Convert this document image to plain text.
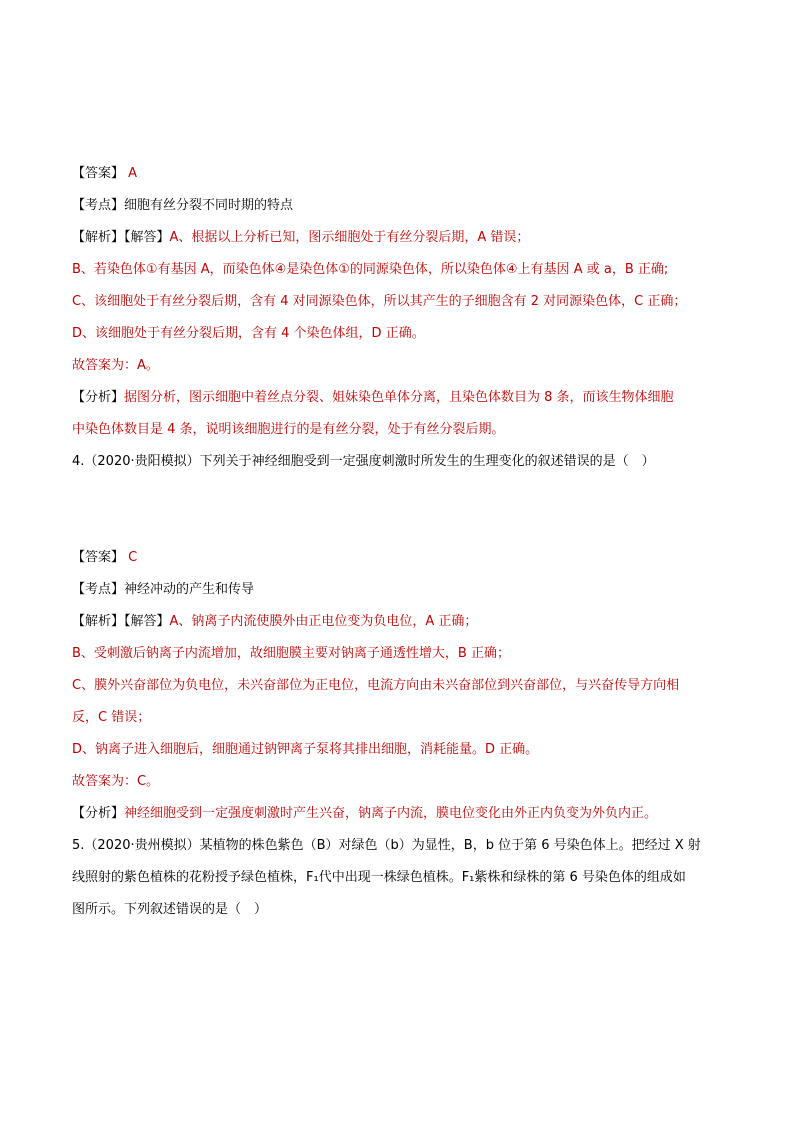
【答案】 A
【考点】细胞有丝分裂不同时期的特点
【解析】【解答】A、根据以上分析已知，图示细胞处于有丝分裂后期，A 错误；
B、若染色体①有基因 A，而染色体④是染色体①的同源染色体，所以染色体④上有基因 A 或 a，B 正确;
C、该细胞处于有丝分裂后期，含有 4 对同源染色体，所以其产生的子细胞含有 2 对同源染色体，C 正确；
D、该细胞处于有丝分裂后期，含有 4 个染色体组，D 正确。
故答案为：A。
【分析】据图分析，图示细胞中着丝点分裂、姐妹染色单体分离，且染色体数目为 8 条，而该生物体细胞
中染色体数目是 4 条，说明该细胞进行的是有丝分裂，处于有丝分裂后期。
4.（2020·贵阳模拟）下列关于神经细胞受到一定强度刺激时所发生的生理变化的叙述错误的是（　）
【答案】 C
【考点】神经冲动的产生和传导
【解析】【解答】A、钠离子内流使膜外由正电位变为负电位，A 正确；
B、受刺激后钠离子内流增加，故细胞膜主要对钠离子通透性增大，B 正确；
C、膜外兴奋部位为负电位，未兴奋部位为正电位，电流方向由未兴奋部位到兴奋部位，与兴奋传导方向相
反，C 错误；
D、钠离子进入细胞后，细胞通过钠钾离子泵将其排出细胞，消耗能量。D 正确。
故答案为：C。
【分析】神经细胞受到一定强度刺激时产生兴奋，钠离子内流，膜电位变化由外正内负变为外负内正。
5.（2020·贵州模拟）某植物的株色紫色（B）对绿色（b）为显性，B，b 位于第 6 号染色体上。把经过 X 射
线照射的紫色植株的花粉授予绿色植株，F₁代中出现一株绿色植株。F₁紫株和绿株的第 6 号染色体的组成如
图所示。下列叙述错误的是（　）
